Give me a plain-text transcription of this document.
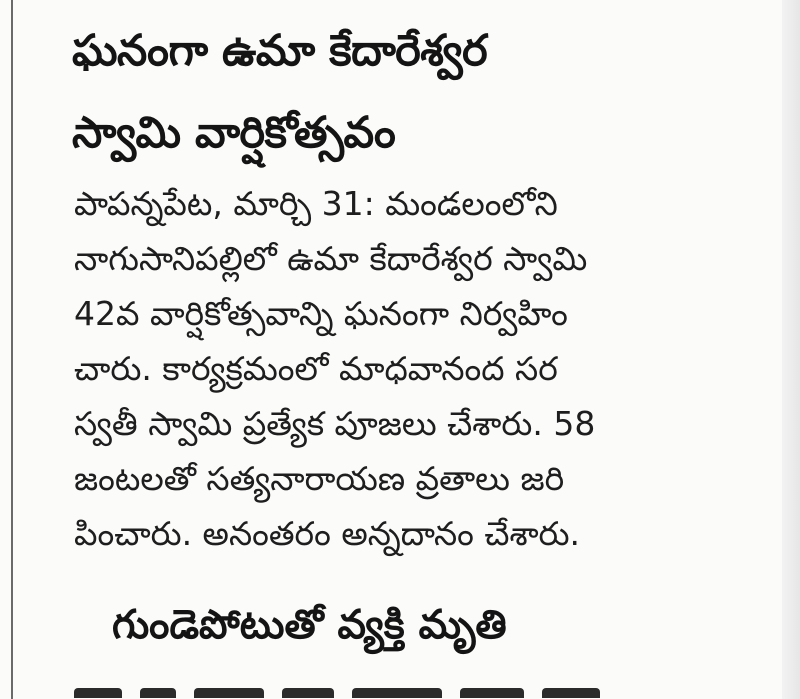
ఘనంగా ఉమా కేదారేశ్వర
స్వామి వార్షికోత్సవం
పాపన్నపేట, మార్చి 31: మండలంలోని
నాగుసానిపల్లిలో ఉమా కేదారేశ్వర స్వామి
42వ వార్షికోత్సవాన్ని ఘనంగా నిర్వహిం
చారు. కార్యక్రమంలో మాధవానంద సర
స్వతీ స్వామి ప్రత్యేక పూజలు చేశారు. 58
జంటలతో సత్యనారాయణ వ్రతాలు జరి
పించారు. అనంతరం అన్నదానం చేశారు.
గుండెపోటుతో వ్యక్తి మృతి
